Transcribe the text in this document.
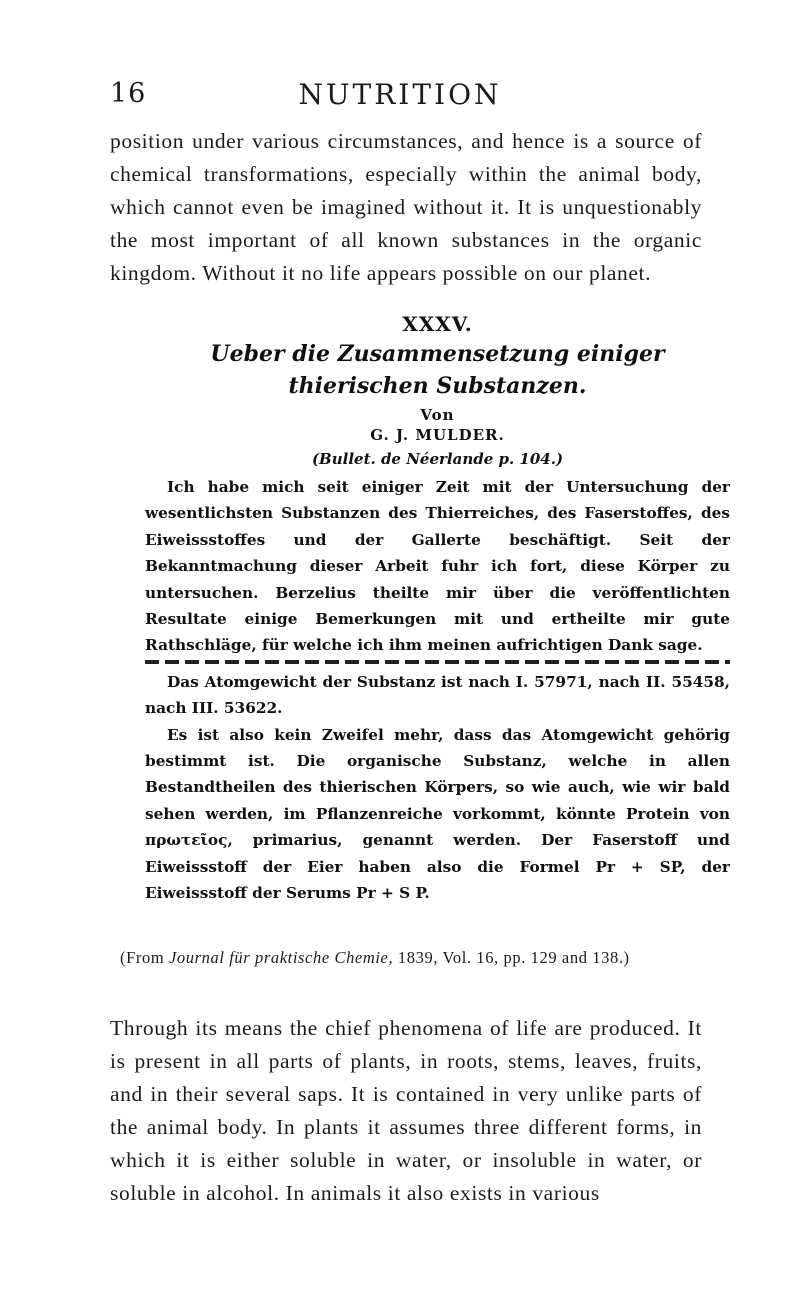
16	NUTRITION

position under various circumstances, and hence is a source of chemical transformations, especially within the animal body, which cannot even be imagined without it. It is unquestionably the most important of all known substances in the organic kingdom. Without it no life appears possible on our planet.

XXXV.

Ueber die Zusammensetzung einiger thierischen Substanzen.

Von

G. J. MULDER.

(Bullet. de Néerlande p. 104.)

Ich habe mich seit einiger Zeit mit der Untersuchung der wesentlichsten Substanzen des Thierreiches, des Faserstoffes, des Eiweissstoffes und der Gallerte beschäftigt. Seit der Bekanntmachung dieser Arbeit fuhr ich fort, diese Körper zu untersuchen. Berzelius theilte mir über die veröffentlichten Resultate einige Bemerkungen mit und ertheilte mir gute Rathschläge, für welche ich ihm meinen aufrichtigen Dank sage.

Das Atomgewicht der Substanz ist nach I. 57971, nach II. 55458, nach III. 53622.

Es ist also kein Zweifel mehr, dass das Atomgewicht gehörig bestimmt ist. Die organische Substanz, welche in allen Bestandtheilen des thierischen Körpers, so wie auch, wie wir bald sehen werden, im Pflanzenreiche vorkommt, könnte Protein von πρωτεῖος, primarius, genannt werden. Der Faserstoff und Eiweissstoff der Eier haben also die Formel Pr + SP, der Eiweissstoff der Serums Pr + S P.

(From Journal für praktische Chemie, 1839, Vol. 16, pp. 129 and 138.)

Through its means the chief phenomena of life are produced. It is present in all parts of plants, in roots, stems, leaves, fruits, and in their several saps. It is contained in very unlike parts of the animal body. In plants it assumes three different forms, in which it is either soluble in water, or insoluble in water, or soluble in alcohol. In animals it also exists in various
